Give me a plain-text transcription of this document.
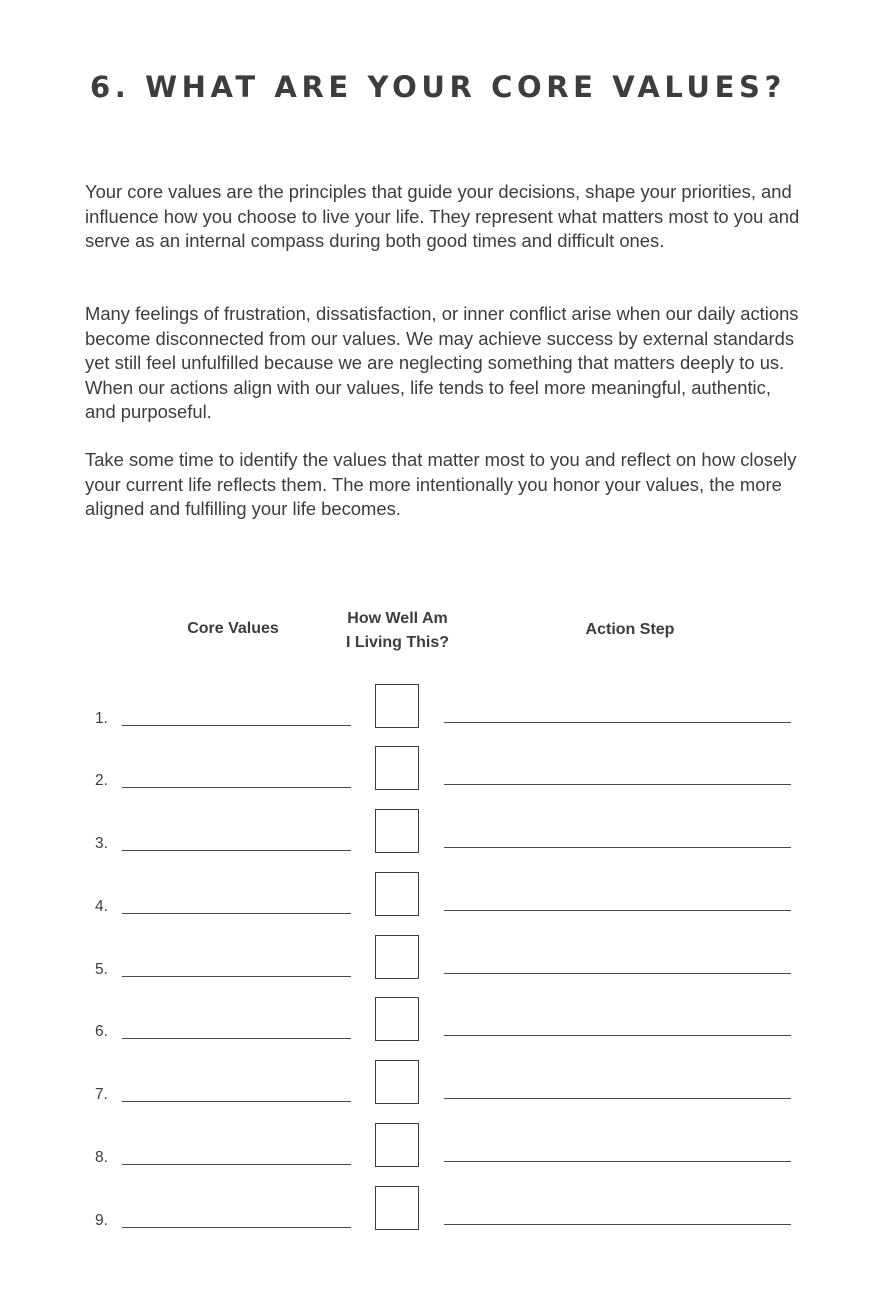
6. WHAT ARE YOUR CORE VALUES?

Your core values are the principles that guide your decisions, shape your priorities, and influence how you choose to live your life. They represent what matters most to you and serve as an internal compass during both good times and difficult ones.

Many feelings of frustration, dissatisfaction, or inner conflict arise when our daily actions become disconnected from our values. We may achieve success by external standards yet still feel unfulfilled because we are neglecting something that matters deeply to us. When our actions align with our values, life tends to feel more meaningful, authentic, and purposeful.

Take some time to identify the values that matter most to you and reflect on how closely your current life reflects them. The more intentionally you honor your values, the more aligned and fulfilling your life becomes.

Core Values
How Well Am
I Living This?
Action Step
1.
2.
3.
4.
5.
6.
7.
8.
9.
